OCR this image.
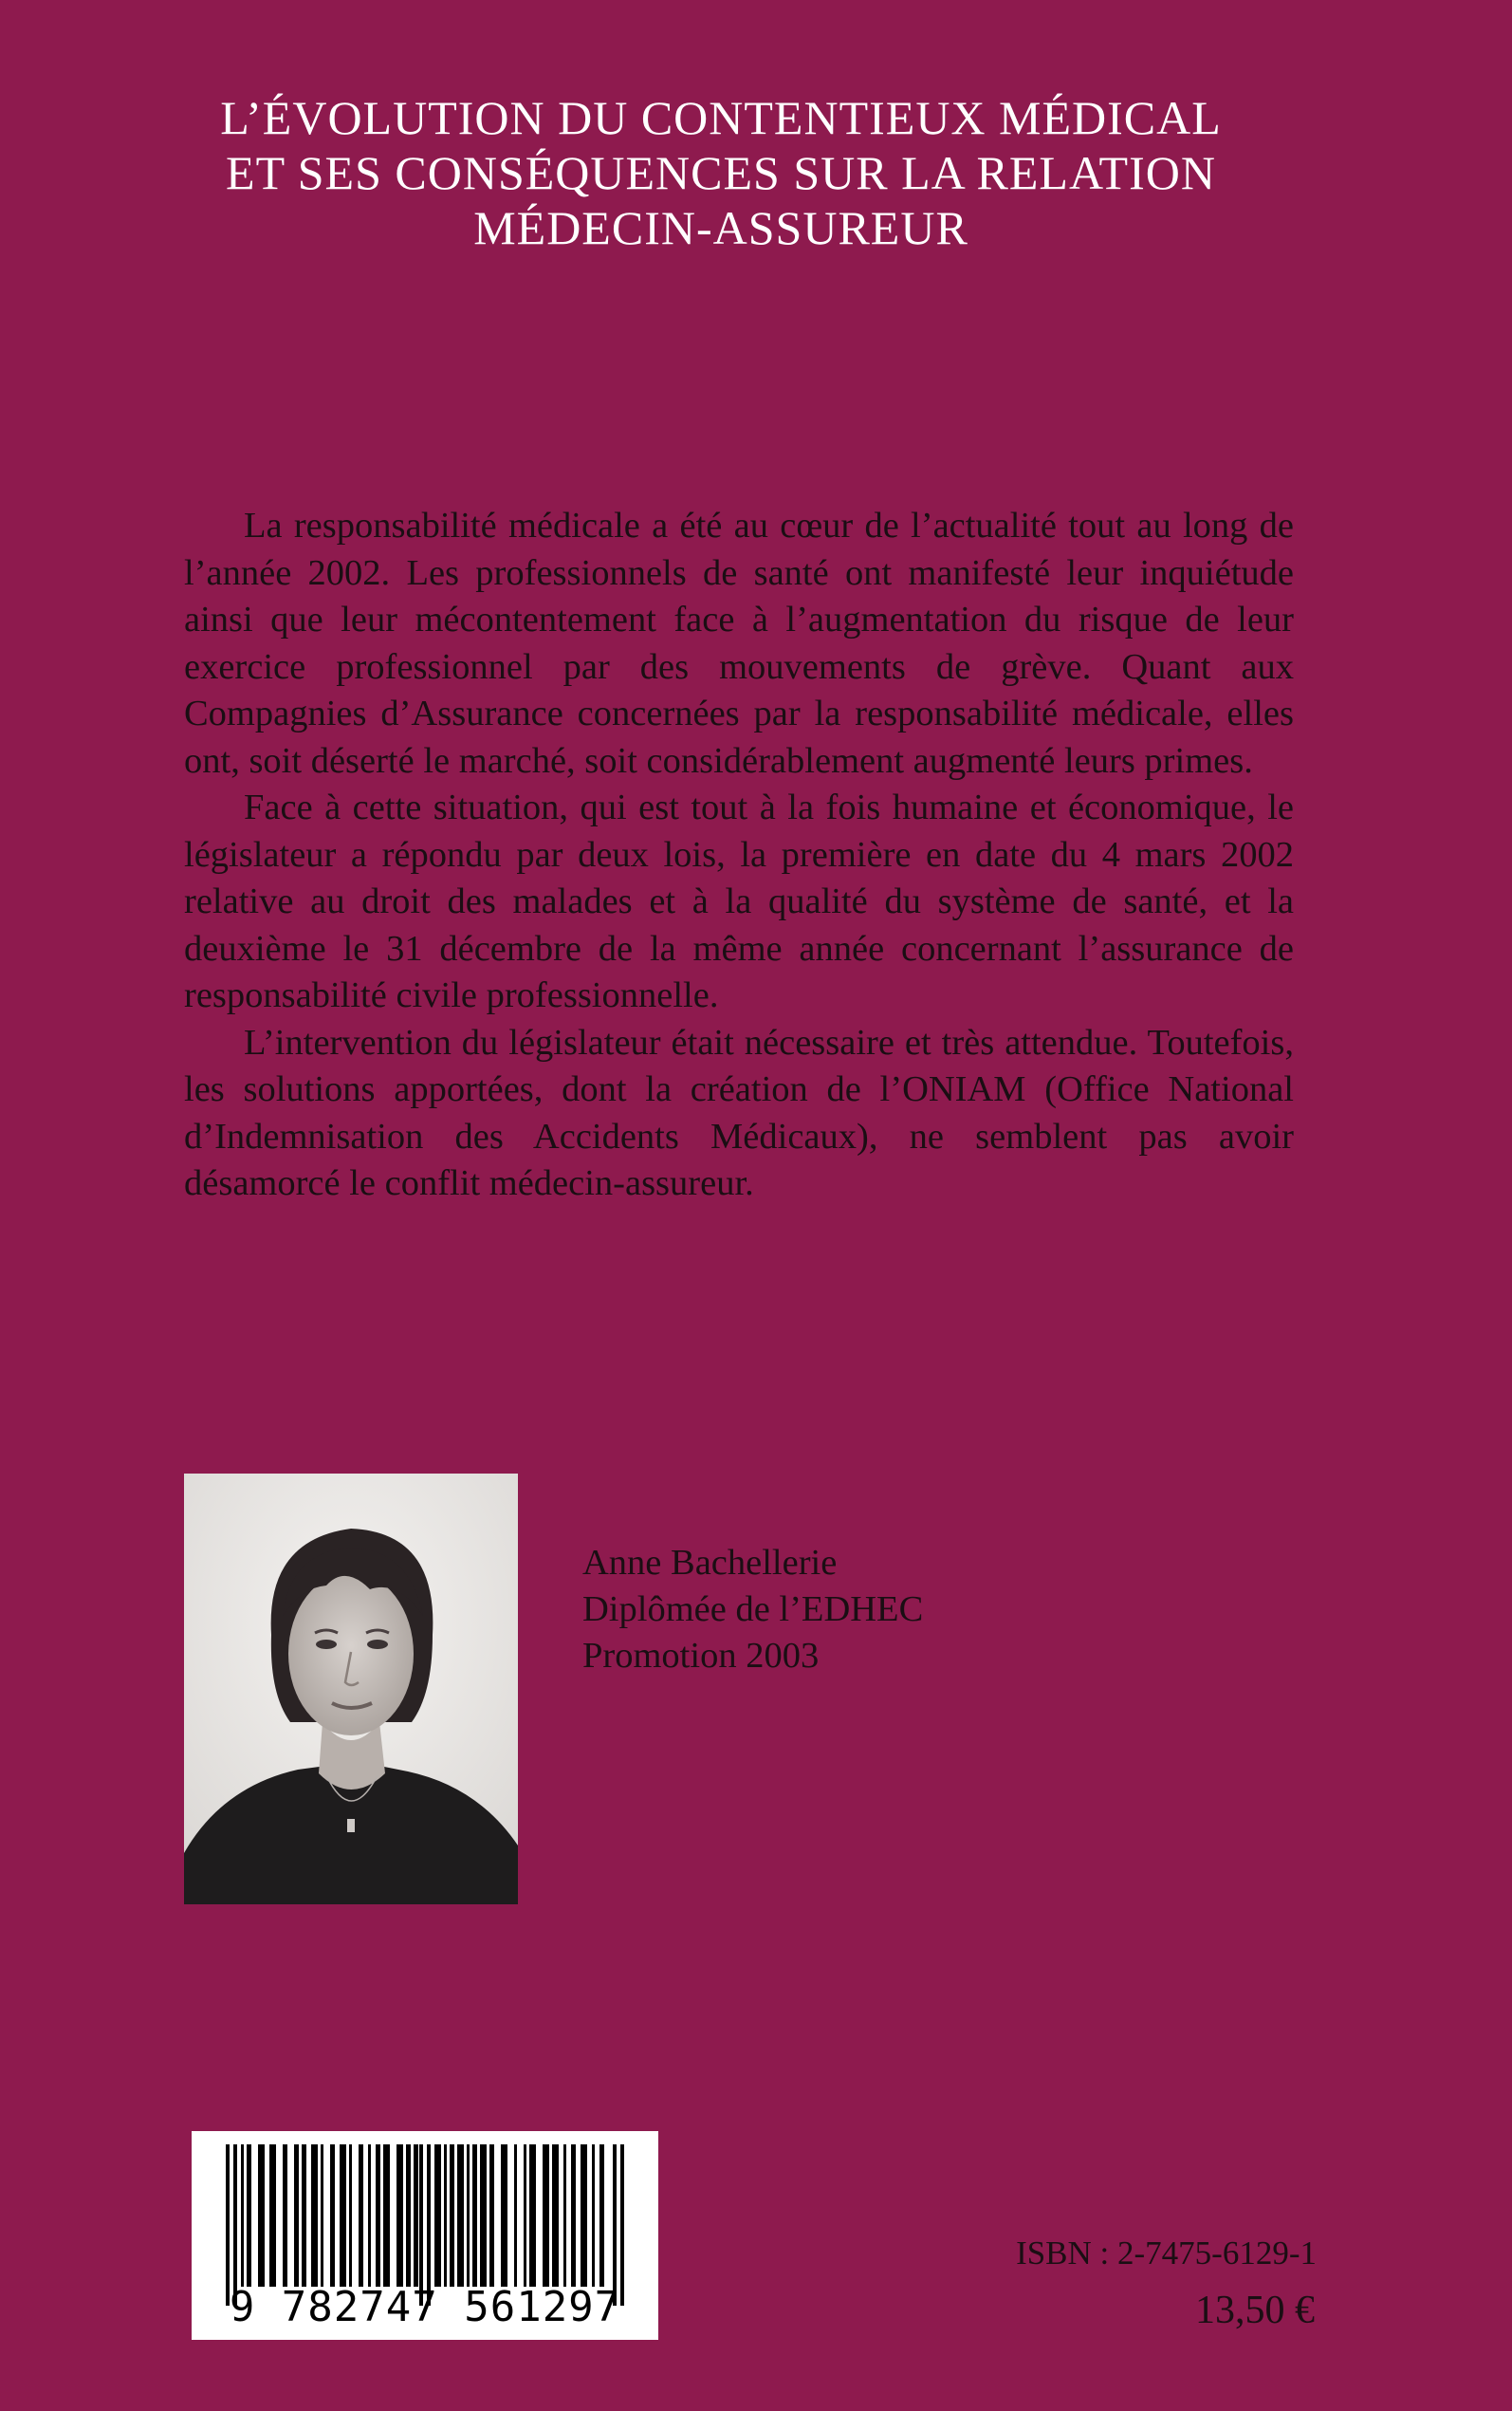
L’ÉVOLUTION DU CONTENTIEUX MÉDICAL
ET SES CONSÉQUENCES SUR LA RELATION
MÉDECIN-ASSUREUR

La responsabilité médicale a été au cœur de l’actualité tout au long de l’année 2002. Les professionnels de santé ont manifesté leur inquiétude ainsi que leur mécontentement face à l’augmentation du risque de leur exercice professionnel par des mouvements de grève. Quant aux Compagnies d’Assurance concernées par la responsabilité médicale, elles ont, soit déserté le marché, soit considérablement augmenté leurs primes.

Face à cette situation, qui est tout à la fois humaine et économique, le législateur a répondu par deux lois, la première en date du 4 mars 2002 relative au droit des malades et à la qualité du système de santé, et la deuxième le 31 décembre de la même année concernant l’assurance de responsabilité civile professionnelle.

L’intervention du législateur était nécessaire et très attendue. Toutefois, les solutions apportées, dont la création de l’ONIAM (Office National d’Indemnisation des Accidents Médicaux), ne semblent pas avoir désamorcé le conflit médecin-assureur.

Anne Bachellerie
Diplômée de l’EDHEC
Promotion 2003
9 782747 561297
ISBN : 2-7475-6129-1
13,50 €
